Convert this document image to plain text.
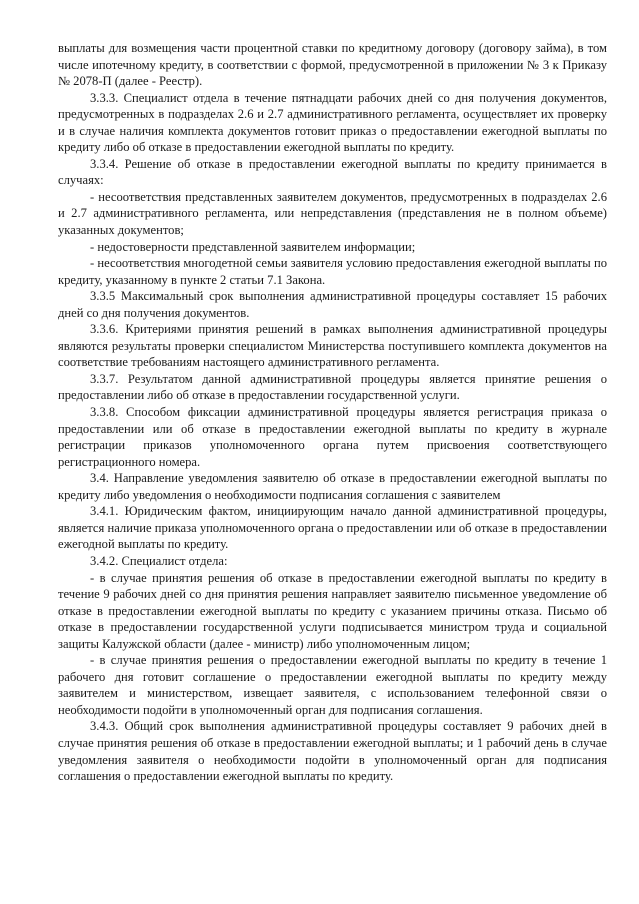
выплаты для возмещения части процентной ставки по кредитному договору (договору займа), в том числе ипотечному кредиту, в соответствии с формой, предусмотренной в приложении № 3 к Приказу № 2078-П (далее - Реестр).

3.3.3. Специалист отдела в течение пятнадцати рабочих дней со дня получения документов, предусмотренных в подразделах 2.6 и 2.7 административного регламента, осуществляет их проверку и в случае наличия комплекта документов готовит приказ о предоставлении ежегодной выплаты по кредиту либо об отказе в предоставлении ежегодной выплаты по кредиту.

3.3.4. Решение об отказе в предоставлении ежегодной выплаты по кредиту принимается в случаях:

- несоответствия представленных заявителем документов, предусмотренных в подразделах 2.6 и 2.7 административного регламента, или непредставления (представления не в полном объеме) указанных документов;

- недостоверности представленной заявителем информации;

- несоответствия многодетной семьи заявителя условию предоставления ежегодной выплаты по кредиту, указанному в пункте 2 статьи 7.1 Закона.

3.3.5 Максимальный срок выполнения административной процедуры составляет 15 рабочих дней со дня получения документов.

3.3.6. Критериями принятия решений в рамках выполнения административной процедуры являются результаты проверки специалистом Министерства поступившего комплекта документов на соответствие требованиям настоящего административного регламента.

3.3.7. Результатом данной административной процедуры является принятие решения о предоставлении либо об отказе в предоставлении государственной услуги.

3.3.8. Способом фиксации административной процедуры является регистрация приказа о предоставлении или об отказе в предоставлении ежегодной выплаты по кредиту в журнале регистрации приказов уполномоченного органа путем присвоения соответствующего регистрационного номера.

3.4. Направление уведомления заявителю об отказе в предоставлении ежегодной выплаты по кредиту либо уведомления о необходимости подписания соглашения с заявителем

3.4.1. Юридическим фактом, инициирующим начало данной административной процедуры, является наличие приказа уполномоченного органа о предоставлении или об отказе в предоставлении ежегодной выплаты по кредиту.

3.4.2. Специалист отдела:

- в случае принятия решения об отказе в предоставлении ежегодной выплаты по кредиту в течение 9 рабочих дней со дня принятия решения направляет заявителю письменное уведомление об отказе в предоставлении ежегодной выплаты по кредиту с указанием причины отказа. Письмо об отказе в предоставлении государственной услуги подписывается министром труда и социальной защиты Калужской области (далее - министр) либо уполномоченным лицом;

- в случае принятия решения о предоставлении ежегодной выплаты по кредиту в течение 1 рабочего дня готовит соглашение о предоставлении ежегодной выплаты по кредиту между заявителем и министерством, извещает заявителя, с использованием телефонной связи о необходимости подойти в уполномоченный орган для подписания соглашения.

3.4.3. Общий срок выполнения административной процедуры составляет 9 рабочих дней в случае принятия решения об отказе в предоставлении ежегодной выплаты; и 1 рабочий день в случае уведомления заявителя о необходимости подойти в уполномоченный орган для подписания соглашения о предоставлении ежегодной выплаты по кредиту.
